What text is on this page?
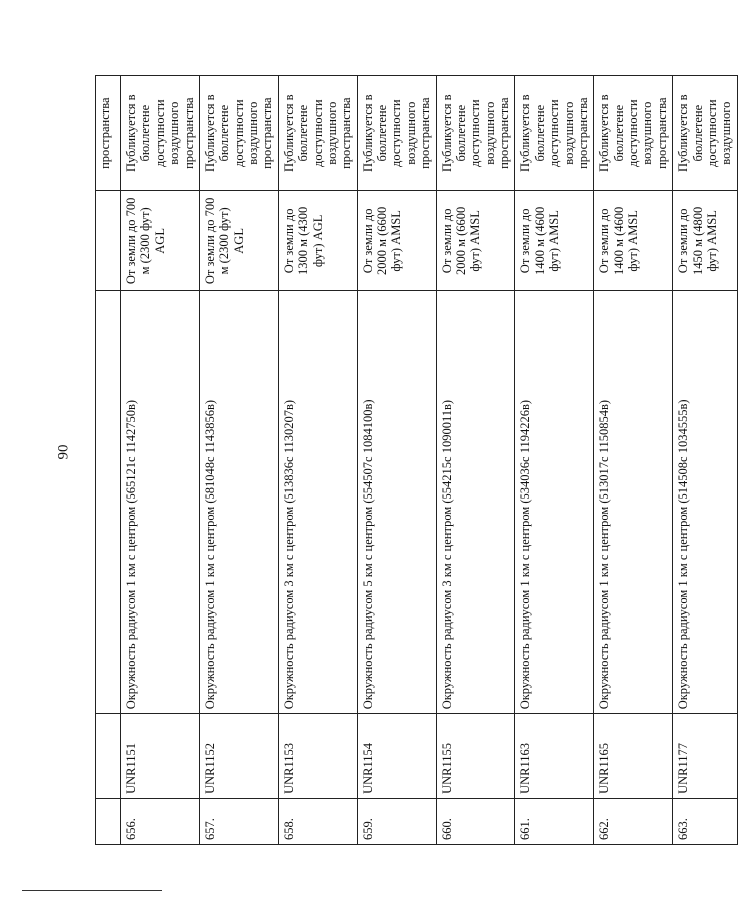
90
				пространства
656.	UNR1151	Окружность радиусом 1 км с центром (565121с 1142750в)	От земли до 700 м (2300 фут) AGL	Публикуется в бюллетене доступности воздушного пространства
657.	UNR1152	Окружность радиусом 1 км с центром (581048с 1143856в)	От земли до 700 м (2300 фут) AGL	Публикуется в бюллетене доступности воздушного пространства
658.	UNR1153	Окружность радиусом 3 км с центром (513836с 1130207в)	От земли до 1300 м (4300 фут) AGL	Публикуется в бюллетене доступности воздушного пространства
659.	UNR1154	Окружность радиусом 5 км с центром (554507с 1084100в)	От земли до 2000 м (6600 фут) AMSL	Публикуется в бюллетене доступности воздушного пространства
660.	UNR1155	Окружность радиусом 3 км с центром (554215с 1090011в)	От земли до 2000 м (6600 фут) AMSL	Публикуется в бюллетене доступности воздушного пространства
661.	UNR1163	Окружность радиусом 1 км с центром (534036с 1194226в)	От земли до 1400 м (4600 фут) AMSL	Публикуется в бюллетене доступности воздушного пространства
662.	UNR1165	Окружность радиусом 1 км с центром (513017с 1150854в)	От земли до 1400 м (4600 фут) AMSL	Публикуется в бюллетене доступности воздушного пространства
663.	UNR1177	Окружность радиусом 1 км с центром (514508с 1034555в)	От земли до 1450 м (4800 фут) AMSL	Публикуется в бюллетене доступности воздушного
